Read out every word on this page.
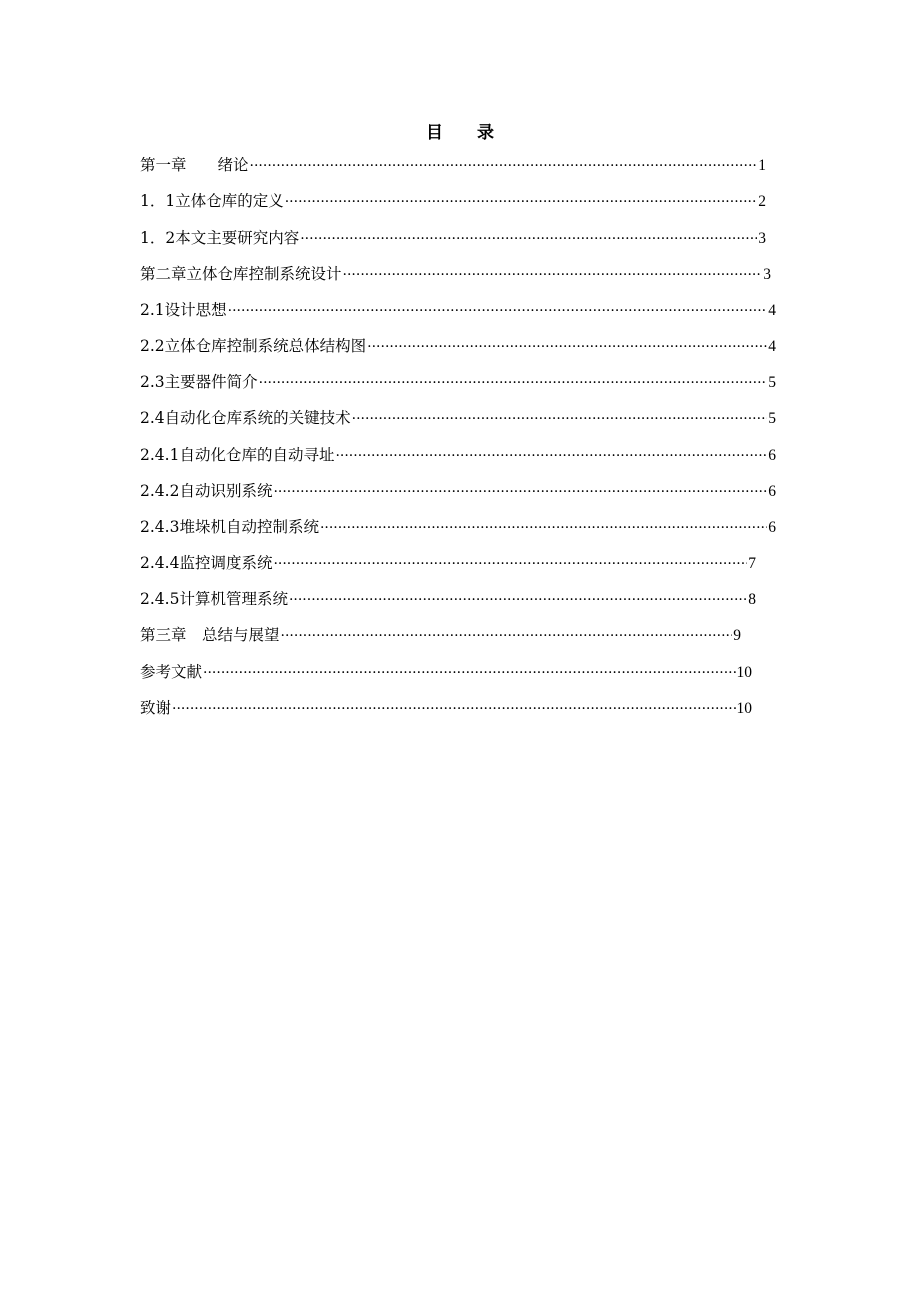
目 录
第一章　　绪论 ·····	1
1．1立体仓库的定义 ·····	2
1．2本文主要研究内容 ·····	3
第二章立体仓库控制系统设计 ·····	3
2.1设计思想 ·····	4
2.2立体仓库控制系统总体结构图 ·····	4
2.3主要器件简介 ·····	5
2.4自动化仓库系统的关键技术 ·····	5
2.4.1自动化仓库的自动寻址 ·····	6
2.4.2自动识别系统 ·····	6
2.4.3堆垛机自动控制系统 ·····	6
2.4.4监控调度系统 ·····	7
2.4.5计算机管理系统 ·····	8
第三章　总结与展望 ·····	9
参考文献 ·····	10
致谢 ·····	10
